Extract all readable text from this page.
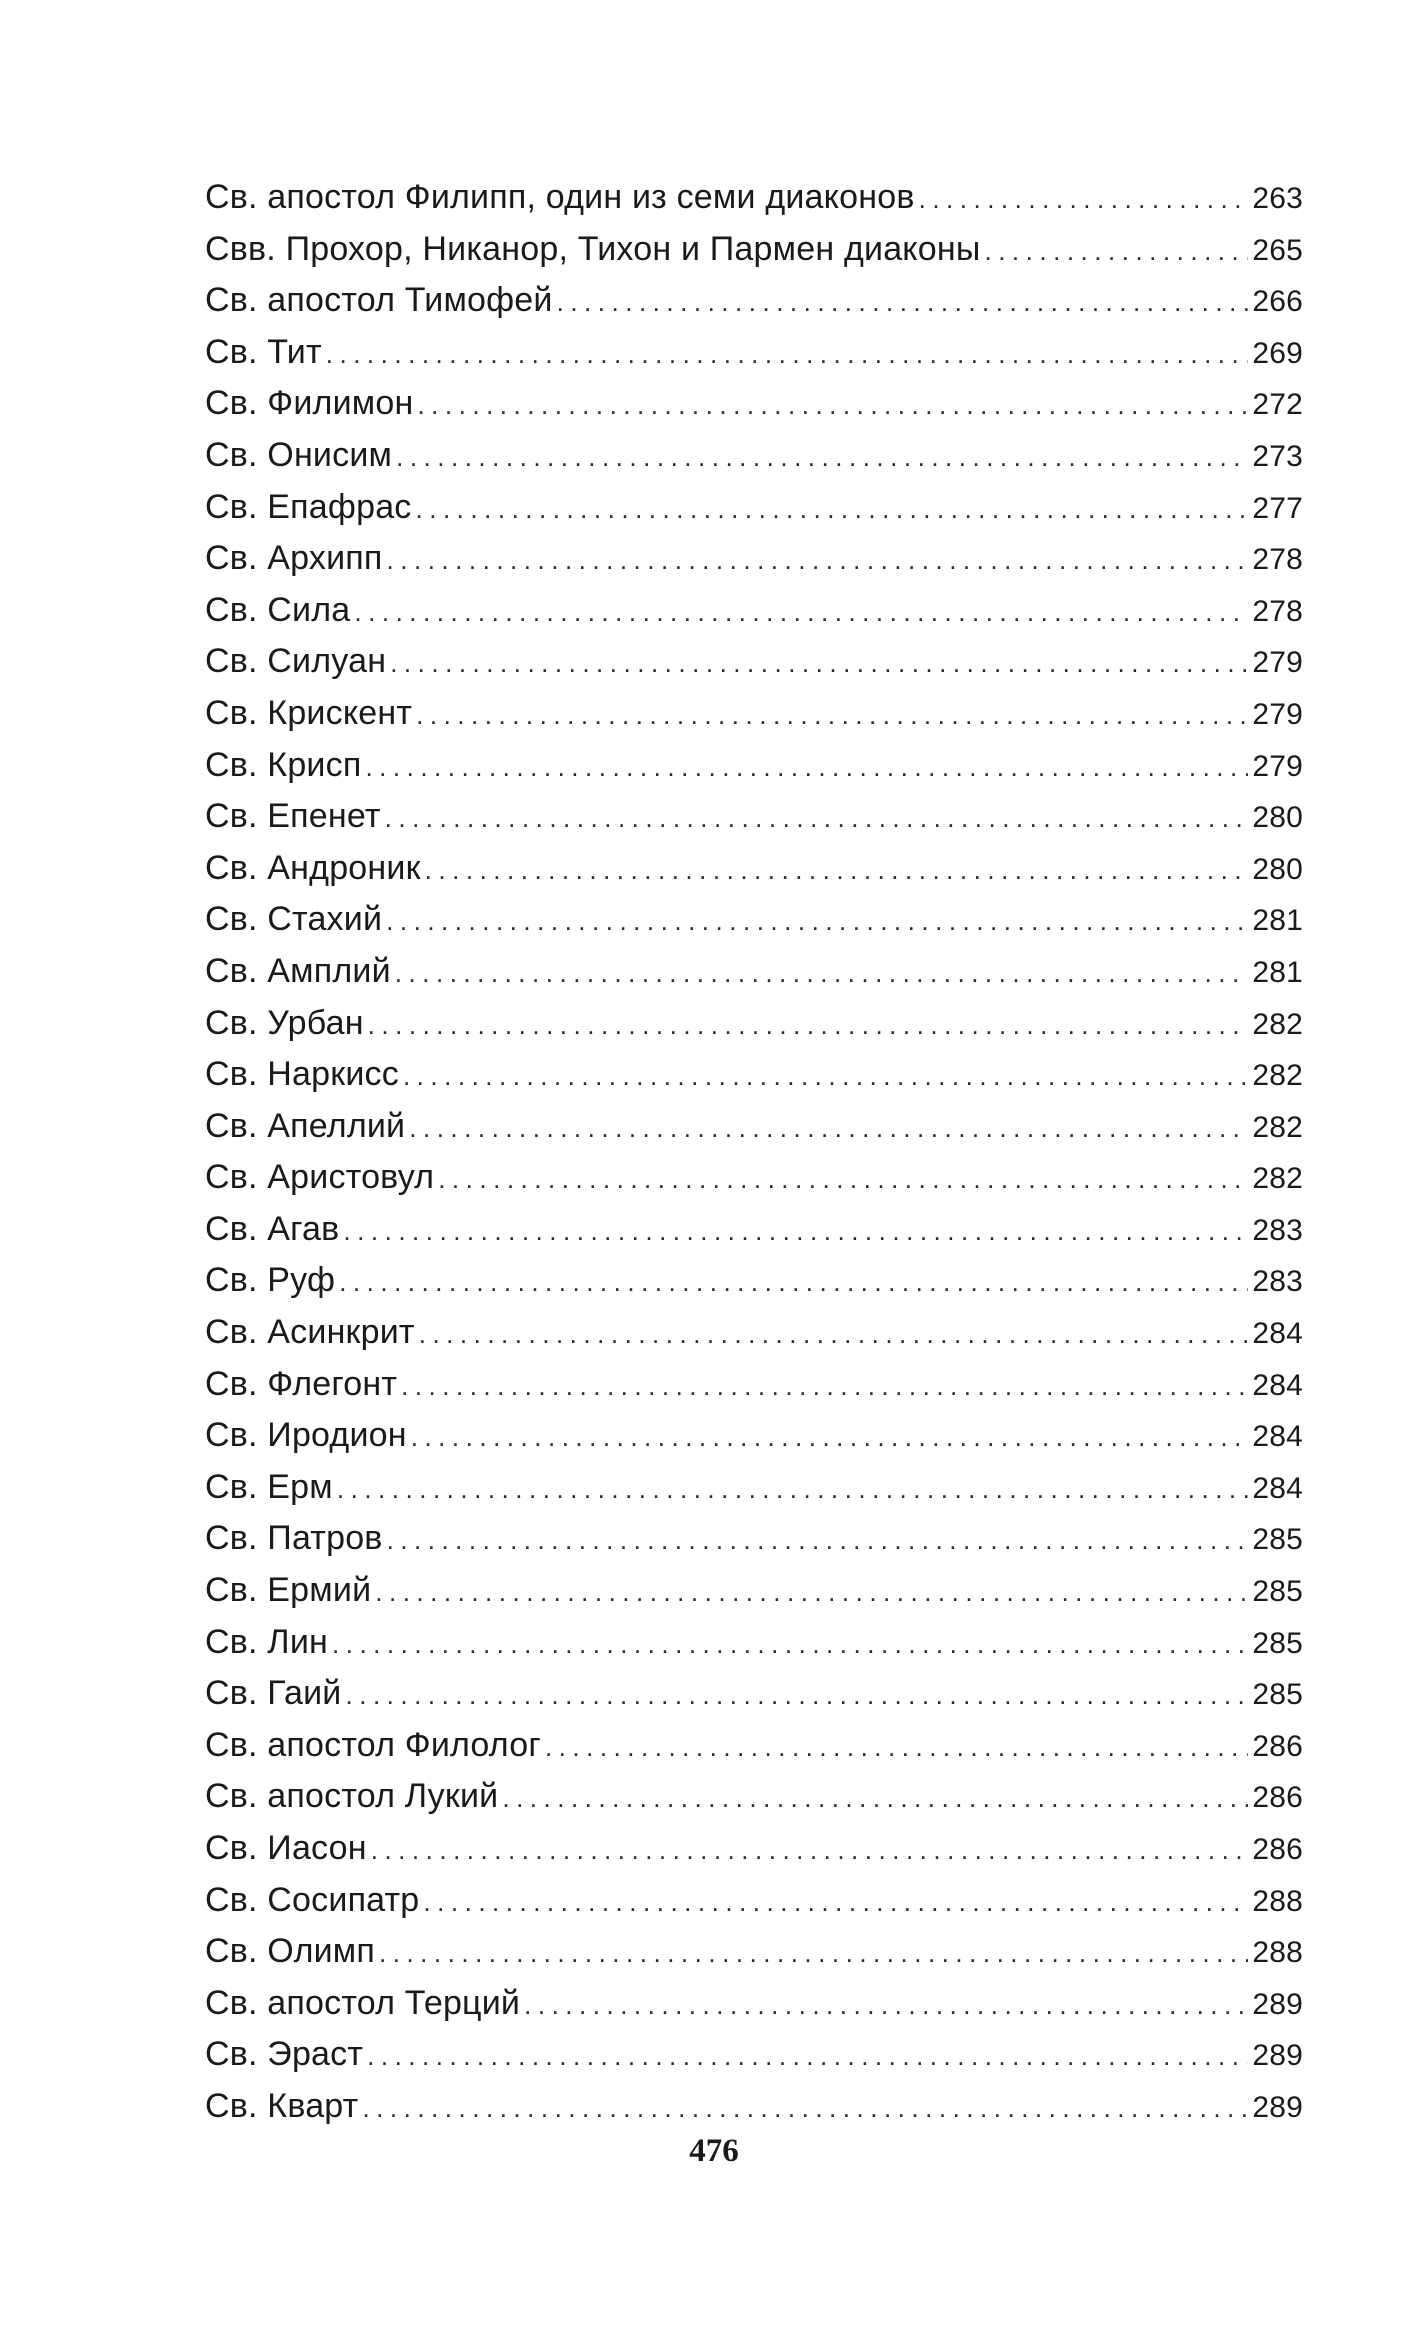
Св. апостол Филипп, один из семи диаконов .....	263
Свв. Прохор, Никанор, Тихон и Пармен диаконы .....	265
Св. апостол Тимофей .....	266
Св. Тит .....	269
Св. Филимон .....	272
Св. Онисим .....	273
Св. Епафрас .....	277
Св. Архипп .....	278
Св. Сила .....	278
Св. Силуан .....	279
Св. Крискент .....	279
Св. Крисп .....	279
Св. Епенет .....	280
Св. Андроник .....	280
Св. Стахий .....	281
Св. Амплий .....	281
Св. Урбан .....	282
Св. Наркисс .....	282
Св. Апеллий .....	282
Св. Аристовул .....	282
Св. Агав .....	283
Св. Руф .....	283
Св. Асинкрит .....	284
Св. Флегонт .....	284
Св. Иродион .....	284
Св. Ерм .....	284
Св. Патров .....	285
Св. Ермий .....	285
Св. Лин .....	285
Св. Гаий .....	285
Св. апостол Филолог .....	286
Св. апостол Лукий .....	286
Св. Иасон .....	286
Св. Сосипатр .....	288
Св. Олимп .....	288
Св. апостол Терций .....	289
Св. Эраст .....	289
Св. Кварт .....	289
476
